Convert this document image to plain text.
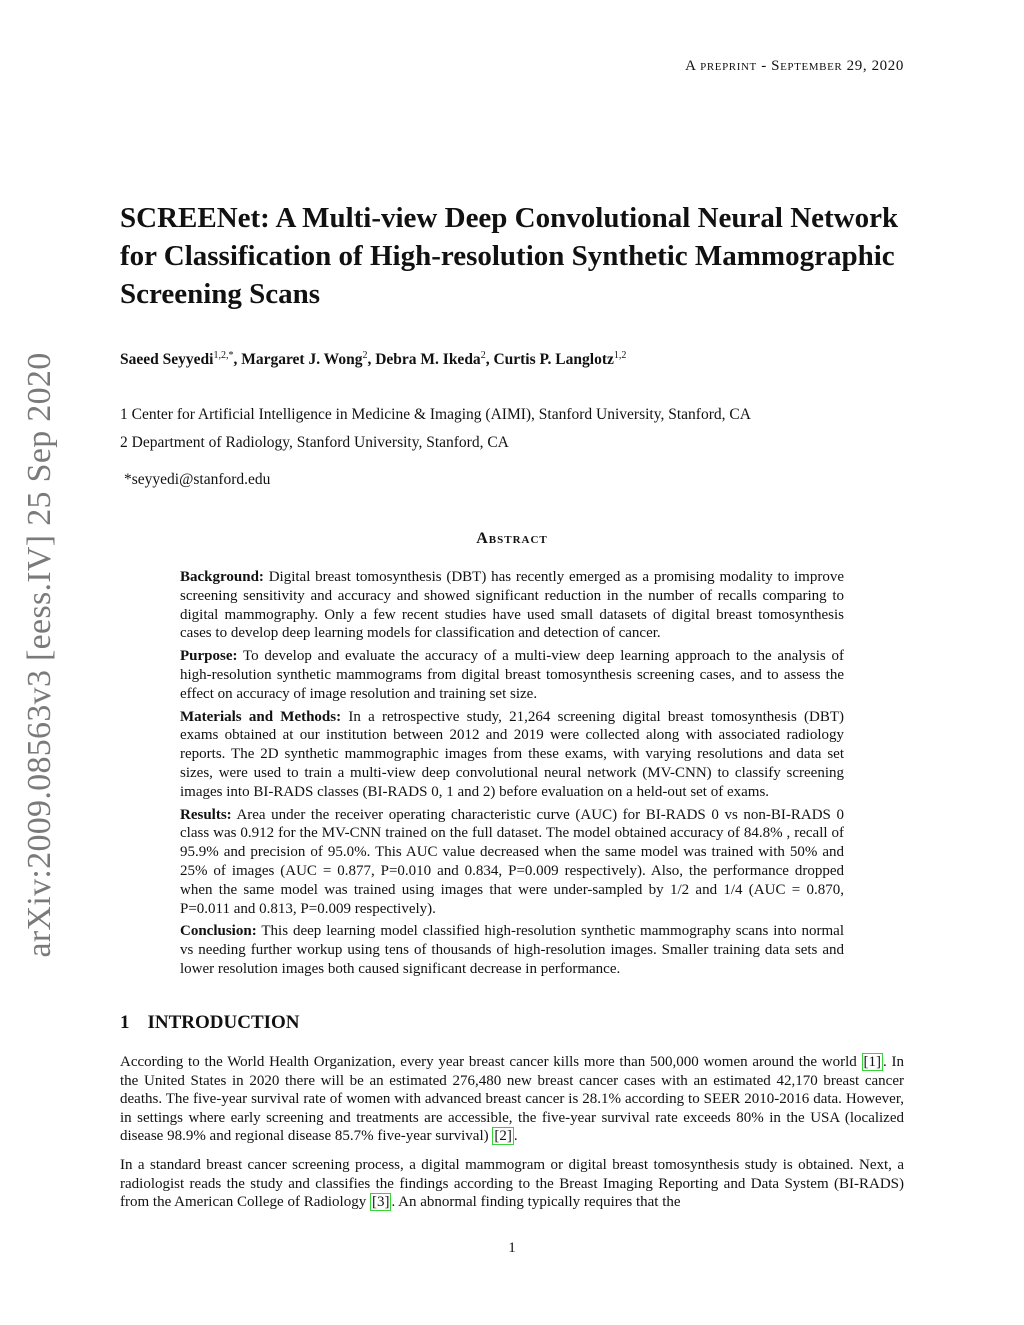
A preprint - September 29, 2020
arXiv:2009.08563v3 [eess.IV] 25 Sep 2020
SCREENet: A Multi-view Deep Convolutional Neural Network for Classification of High-resolution Synthetic Mammographic Screening Scans
Saeed Seyyedi$^{1,2,*}$, Margaret J. Wong$^2$, Debra M. Ikeda$^2$, Curtis P. Langlotz$^{1,2}$
1 Center for Artificial Intelligence in Medicine & Imaging (AIMI), Stanford University, Stanford, CA
2 Department of Radiology, Stanford University, Stanford, CA
*seyyedi@stanford.edu
Abstract

Background: Digital breast tomosynthesis (DBT) has recently emerged as a promising modality to improve screening sensitivity and accuracy and showed significant reduction in the number of recalls comparing to digital mammography. Only a few recent studies have used small datasets of digital breast tomosynthesis cases to develop deep learning models for classification and detection of cancer.

Purpose: To develop and evaluate the accuracy of a multi-view deep learning approach to the analysis of high-resolution synthetic mammograms from digital breast tomosynthesis screening cases, and to assess the effect on accuracy of image resolution and training set size.

Materials and Methods: In a retrospective study, 21,264 screening digital breast tomosynthesis (DBT) exams obtained at our institution between 2012 and 2019 were collected along with associated radiology reports. The 2D synthetic mammographic images from these exams, with varying resolutions and data set sizes, were used to train a multi-view deep convolutional neural network (MV-CNN) to classify screening images into BI-RADS classes (BI-RADS 0, 1 and 2) before evaluation on a held-out set of exams.

Results: Area under the receiver operating characteristic curve (AUC) for BI-RADS 0 vs non-BI-RADS 0 class was 0.912 for the MV-CNN trained on the full dataset. The model obtained accuracy of 84.8% , recall of 95.9% and precision of 95.0%. This AUC value decreased when the same model was trained with 50% and 25% of images (AUC = 0.877, P=0.010 and 0.834, P=0.009 respectively). Also, the performance dropped when the same model was trained using images that were under-sampled by 1/2 and 1/4 (AUC = 0.870, P=0.011 and 0.813, P=0.009 respectively).

Conclusion: This deep learning model classified high-resolution synthetic mammography scans into normal vs needing further workup using tens of thousands of high-resolution images. Smaller training data sets and lower resolution images both caused significant decrease in performance.

1 INTRODUCTION

According to the World Health Organization, every year breast cancer kills more than 500,000 women around the world [1] . In the United States in 2020 there will be an estimated 276,480 new breast cancer cases with an estimated 42,170 breast cancer deaths. The five-year survival rate of women with advanced breast cancer is 28.1% according to SEER 2010-2016 data. However, in settings where early screening and treatments are accessible, the five-year survival rate exceeds 80% in the USA (localized disease 98.9% and regional disease 85.7% five-year survival) [2] .

In a standard breast cancer screening process, a digital mammogram or digital breast tomosynthesis study is obtained. Next, a radiologist reads the study and classifies the findings according to the Breast Imaging Reporting and Data System (BI-RADS) from the American College of Radiology [3] . An abnormal finding typically requires that the

1
